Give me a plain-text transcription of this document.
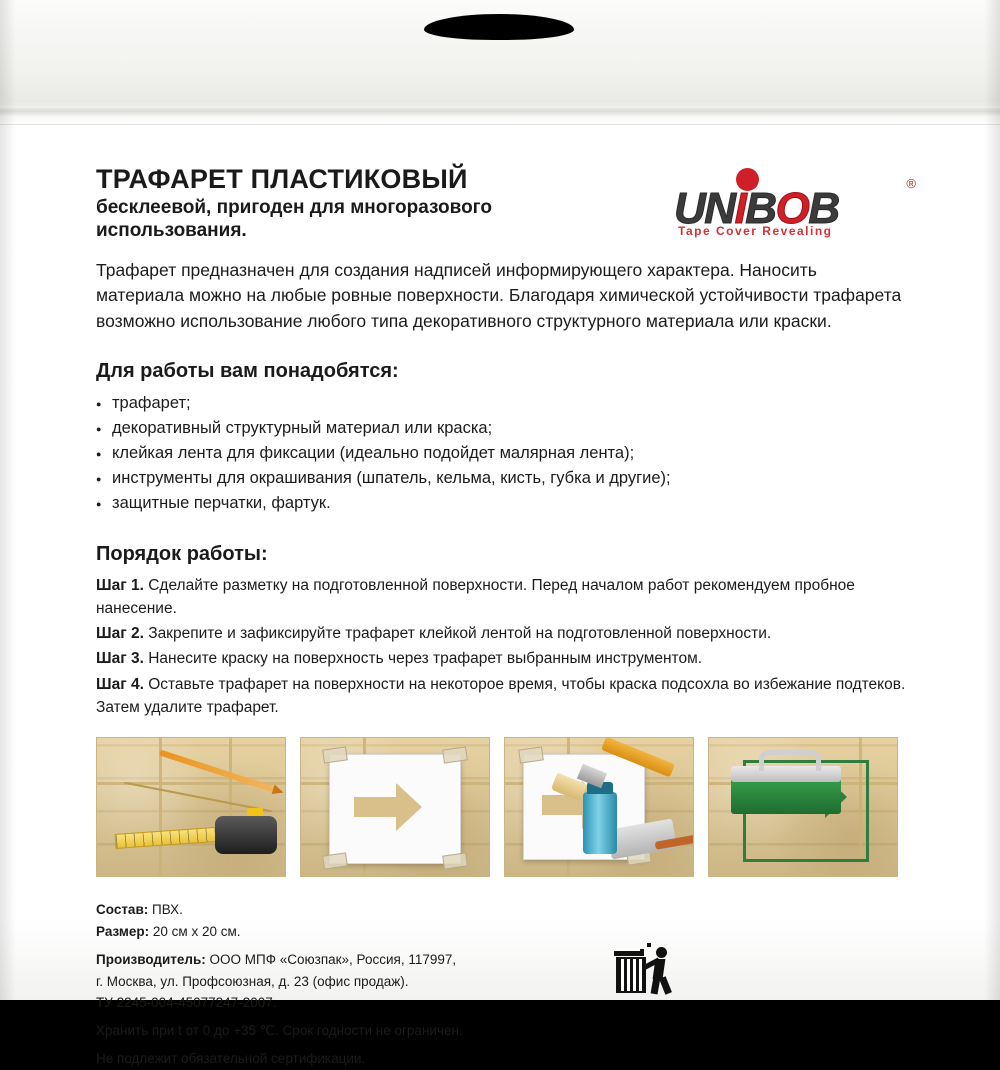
ТРАФАРЕТ ПЛАСТИКОВЫЙ
бесклеевой, пригоден для многоразового использования.	UNIBOB
®
Tape Cover Revealing
Трафарет предназначен для создания надписей информирующего характера. Наносить материала можно на любые ровные поверхности. Благодаря химической устойчивости трафарета возможно использование любого типа декоративного структурного материала или краски.
Для работы вам понадобятся:
● трафарет;
● декоративный структурный материал или краска;
● клейкая лента для фиксации (идеально подойдет малярная лента);
● инструменты для окрашивания (шпатель, кельма, кисть, губка и другие);
● защитные перчатки, фартук.
Порядок работы:
Шаг 1. Сделайте разметку на подготовленной поверхности. Перед началом работ рекомендуем пробное нанесение.
Шаг 2. Закрепите и зафиксируйте трафарет клейкой лентой на подготовленной поверхности.
Шаг 3. Нанесите краску на поверхность через трафарет выбранным инструментом.
Шаг 4. Оставьте трафарет на поверхности на некоторое время, чтобы краска подсохла во избежание подтеков. Затем удалите трафарет.
Состав: ПВХ.
Размер: 20 см х 20 см.
Производитель: ООО МПФ «Союзпак», Россия, 117997,
г. Москва, ул. Профсоюзная, д. 23 (офис продаж).
ТУ 2245-004-45077247-2007.
Хранить при t от 0 до +35 ℃. Срок годности не ограничен.
Не подлежит обязательной сертификации.
